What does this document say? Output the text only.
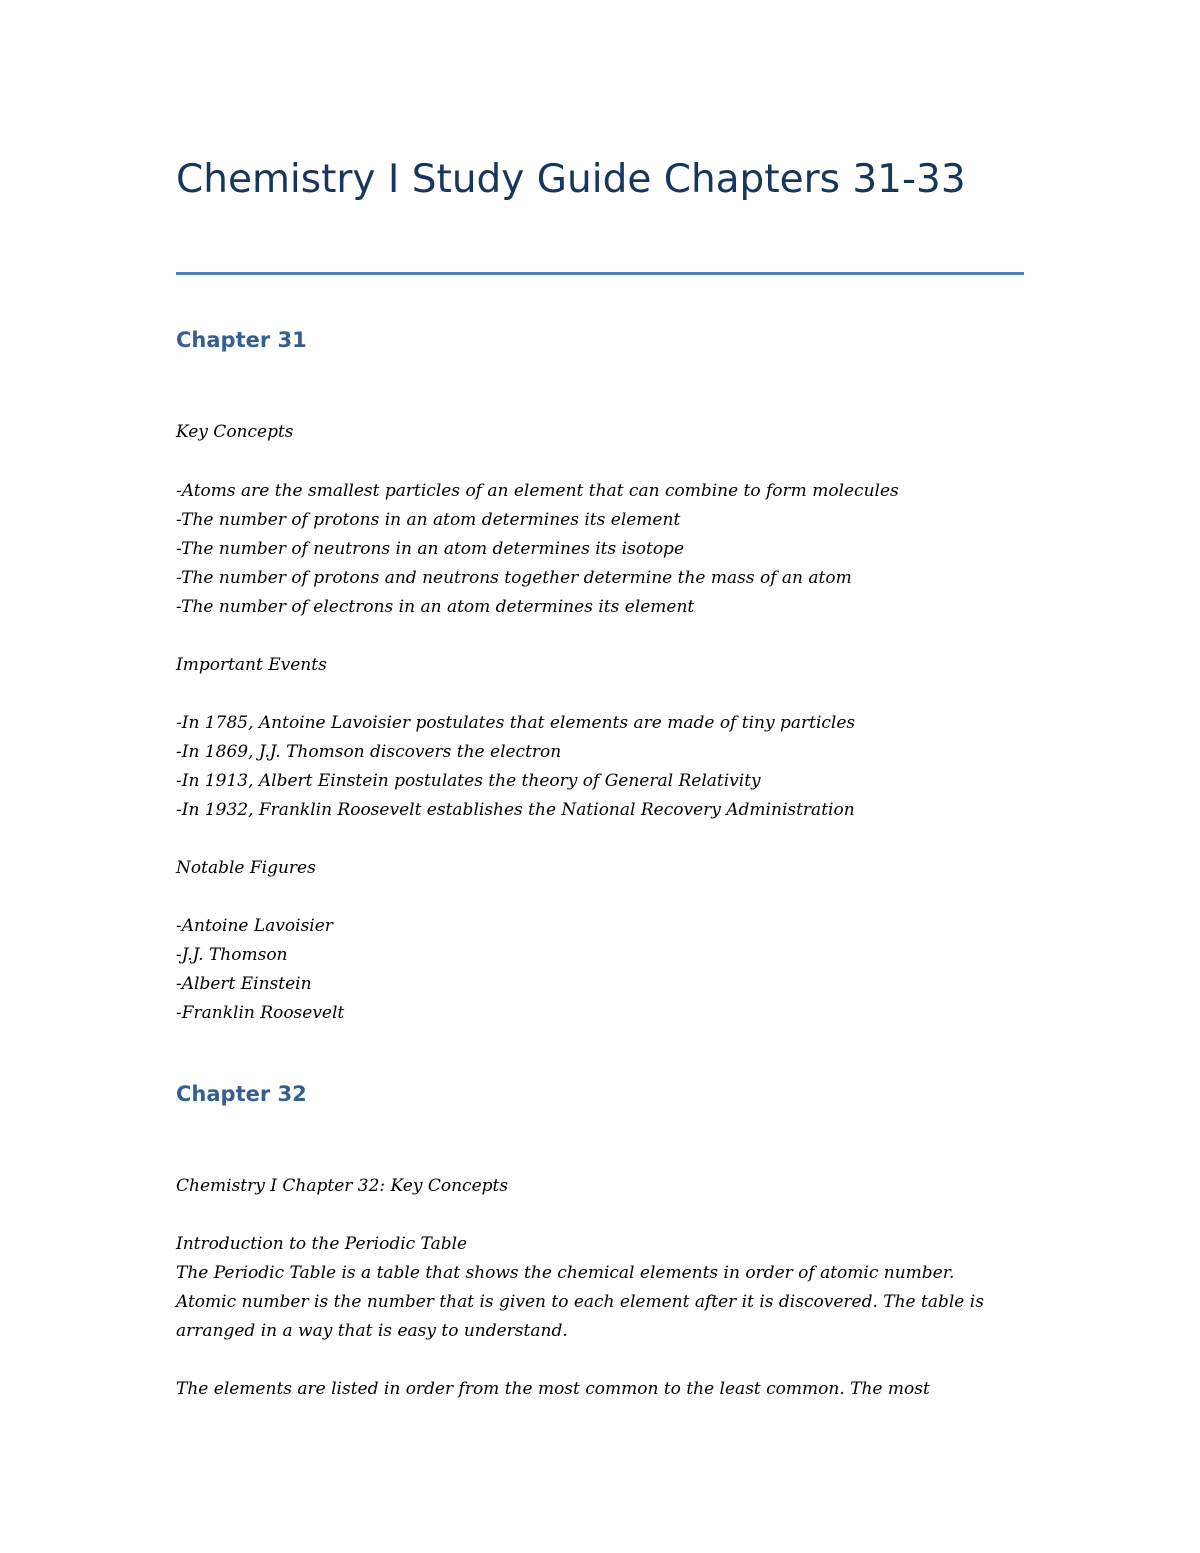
Chemistry I Study Guide Chapters 31-33
Chapter 31
Key Concepts
-Atoms are the smallest particles of an element that can combine to form molecules
-The number of protons in an atom determines its element
-The number of neutrons in an atom determines its isotope
-The number of protons and neutrons together determine the mass of an atom
-The number of electrons in an atom determines its element
Important Events
-In 1785, Antoine Lavoisier postulates that elements are made of tiny particles
-In 1869, J.J. Thomson discovers the electron
-In 1913, Albert Einstein postulates the theory of General Relativity
-In 1932, Franklin Roosevelt establishes the National Recovery Administration
Notable Figures
-Antoine Lavoisier
-J.J. Thomson
-Albert Einstein
-Franklin Roosevelt
Chapter 32
Chemistry I Chapter 32: Key Concepts
Introduction to the Periodic Table
The Periodic Table is a table that shows the chemical elements in order of atomic number.
Atomic number is the number that is given to each element after it is discovered. The table is
arranged in a way that is easy to understand.
The elements are listed in order from the most common to the least common. The most
